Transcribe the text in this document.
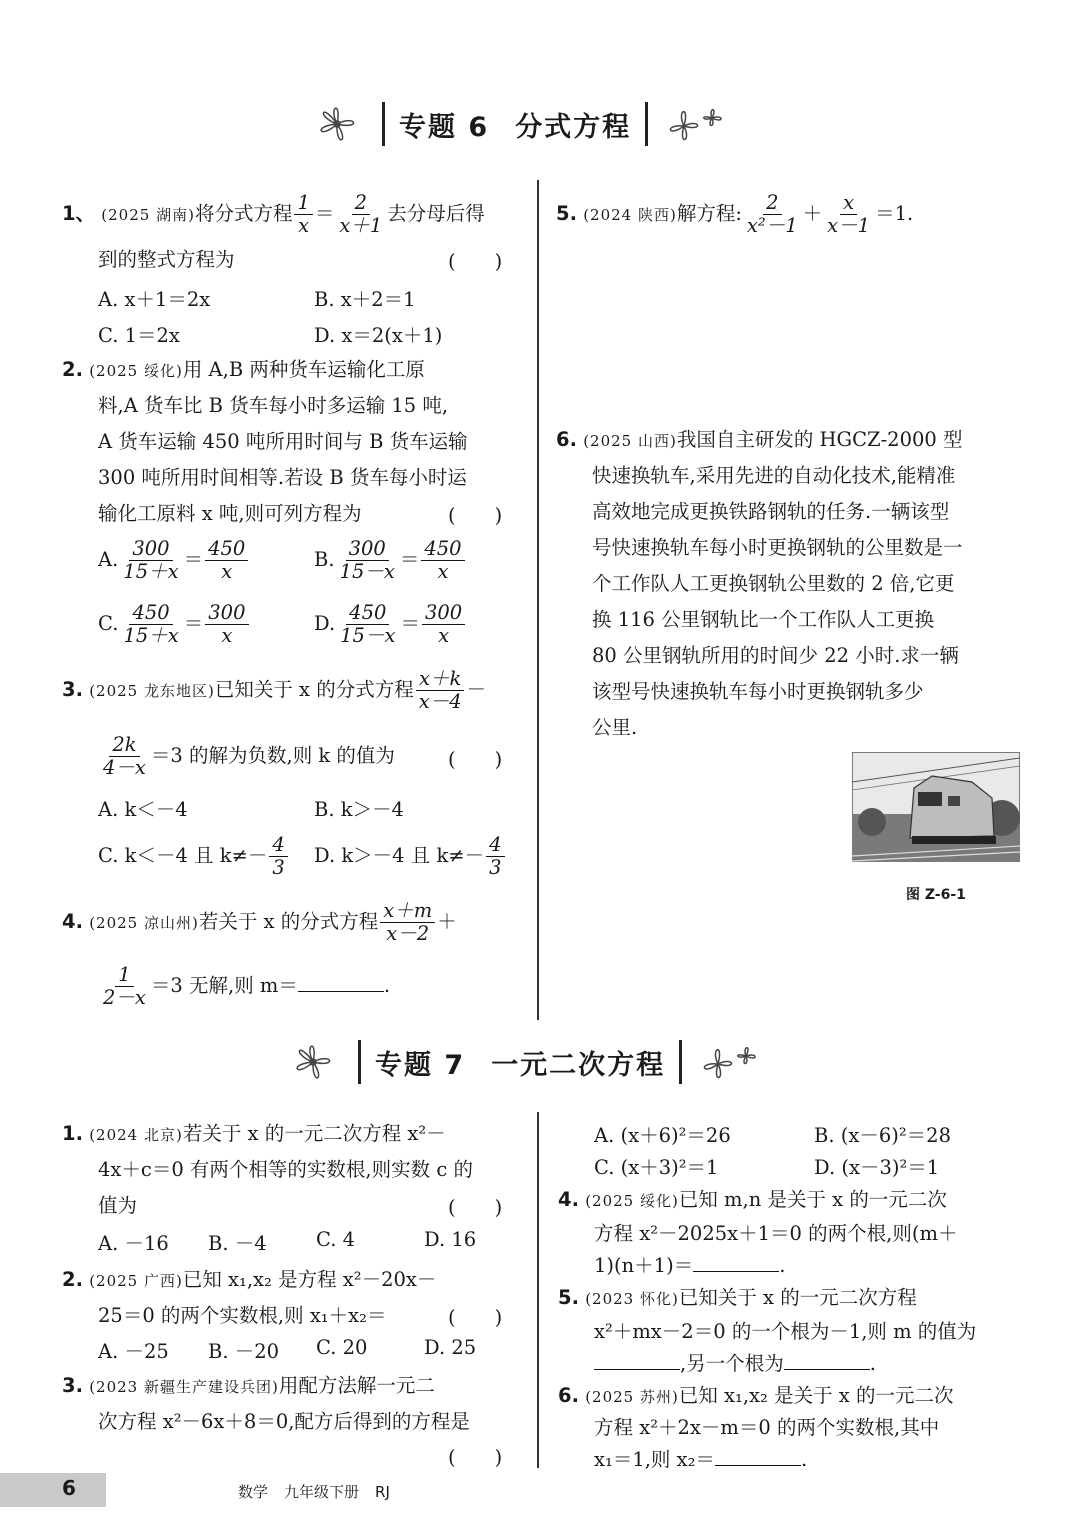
专题 6 分式方程
1、 (2025 湖南)将分式方程 $\frac{1}{x} = \frac{2}{x+1}$ 去分母后得
到的整式方程为	(　　)
A. x＋1＝2x	B. x＋2＝1
C. 1＝2x	D. x＝2(x＋1)
2. (2025 绥化)用 A,B 两种货车运输化工原
料,A 货车比 B 货车每小时多运输 15 吨,
A 货车运输 450 吨所用时间与 B 货车运输
300 吨所用时间相等.若设 B 货车每小时运
输化工原料 x 吨,则可列方程为	(　　)
A. $\frac{300}{15+x} = \frac{450}{x}$	B. $\frac{300}{15-x} = \frac{450}{x}$
C. $\frac{450}{15+x} = \frac{300}{x}$	D. $\frac{450}{15-x} = \frac{300}{x}$
3. (2025 龙东地区)已知关于 x 的分式方程 $\frac{x+k}{x-4}$ －
$\frac{2k}{4-x} =3$ 的解为负数,则 k 的值为	(　　)
A. k＜－4	B. k＞－4
C. k＜－4 且 $k\ne- \frac{4}{3} D$. k＞－4 且 $k\ne- \frac{4}{3}$
4. (2025 凉山州)若关于 x 的分式方程 $\frac{x+m}{x-2}$ ＋
$\frac{1}{2-x} =3$ 无解,则 m＝	.
5. (2024 陕西)解方程: $\frac{2}{\text{x²－1}} + \frac{x}{x-1} =1$.
6. (2025 山西)我国自主研发的 HGCZ-2000 型
快速换轨车,采用先进的自动化技术,能精准
高效地完成更换铁路钢轨的任务.一辆该型
号快速换轨车每小时更换钢轨的公里数是一
个工作队人工更换钢轨公里数的 2 倍,它更
换 116 公里钢轨比一个工作队人工更换
80 公里钢轨所用的时间少 22 小时.求一辆
该型号快速换轨车每小时更换钢轨多少
公里.
图 Z-6-1
专题 7 一元二次方程
1. (2024 北京)若关于 x 的一元二次方程 x²－
4x＋c＝0 有两个相等的实数根,则实数 c 的
值为	(　　)
A. －16 B. －4	C. 4	D. 16
2. (2025 广西)已知 x₁,x₂ 是方程 x²－20x－
25＝0 的两个实数根,则 x₁＋x₂＝	(　　)
A. －25 B. －20 C. 20	D. 25
3. (2023 新疆生产建设兵团)用配方法解一元二
次方程 x²－6x＋8＝0,配方后得到的方程是
(　　)
A. (x＋6)²＝26	B. (x－6)²＝28
C. (x＋3)²＝1	D. (x－3)²＝1
4. (2025 绥化)已知 m,n 是关于 x 的一元二次
方程 x²－2025x＋1＝0 的两个根,则(m＋
1)(n＋1)＝	.
5. (2023 怀化)已知关于 x 的一元二次方程
x²＋mx－2＝0 的一个根为－1,则 m 的值为
,另一个根为	.
6. (2025 苏州)已知 x₁,x₂ 是关于 x 的一元二次
方程 x²＋2x－m＝0 的两个实数根,其中
x₁＝1,则 x₂＝	.
6	数学 九年级下册 RJ
